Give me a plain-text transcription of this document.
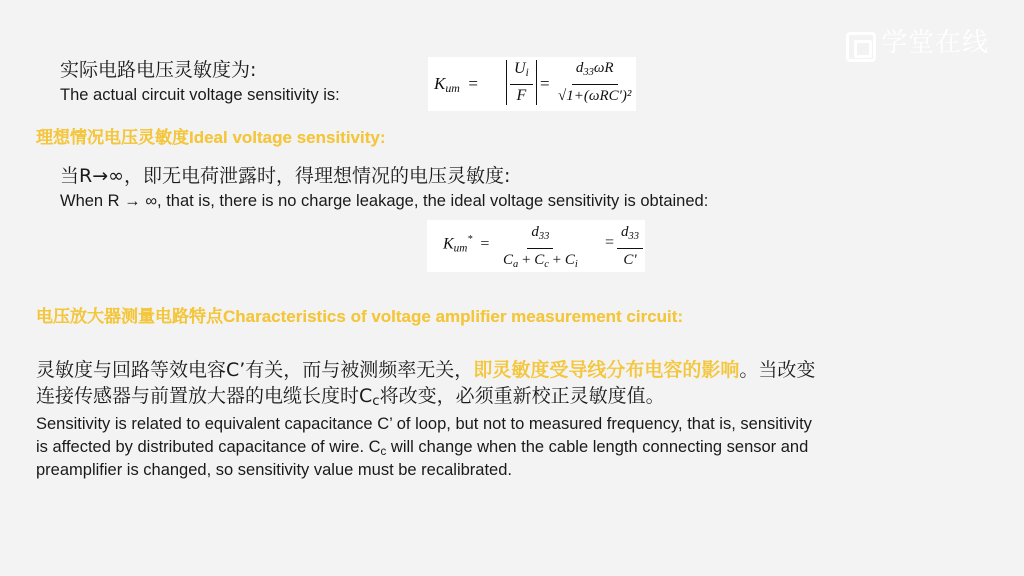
学堂在线
实际电路电压灵敏度为:
The actual circuit voltage sensitivity is:
$K_{um} = \frac{U_i}{F} = \frac{d_{33}\omega R}{\text{√1+(ωRC′)²}}$
理想情况电压灵敏度Ideal voltage sensitivity:
当R→∞，即无电荷泄露时，得理想情况的电压灵敏度:
When R → ∞, that is, there is no charge leakage, the ideal voltage sensitivity is obtained:
$K_{um}^* = \frac{d_{33}}{C_a + C_c + C_i} = \frac{d_{33}}{C'}$
电压放大器测量电路特点Characteristics of voltage amplifier measurement circuit:
灵敏度与回路等效电容C’有关，而与被测频率无关，即灵敏度受导线分布电容的影响。当改变
连接传感器与前置放大器的电缆长度时$C_c$将改变，必须重新校正灵敏度值。
Sensitivity is related to equivalent capacitance C’ of loop, but not to measured frequency, that is, sensitivity
is affected by distributed capacitance of wire. $C_c$ will change when the cable length connecting sensor and
preamplifier is changed, so sensitivity value must be recalibrated.
